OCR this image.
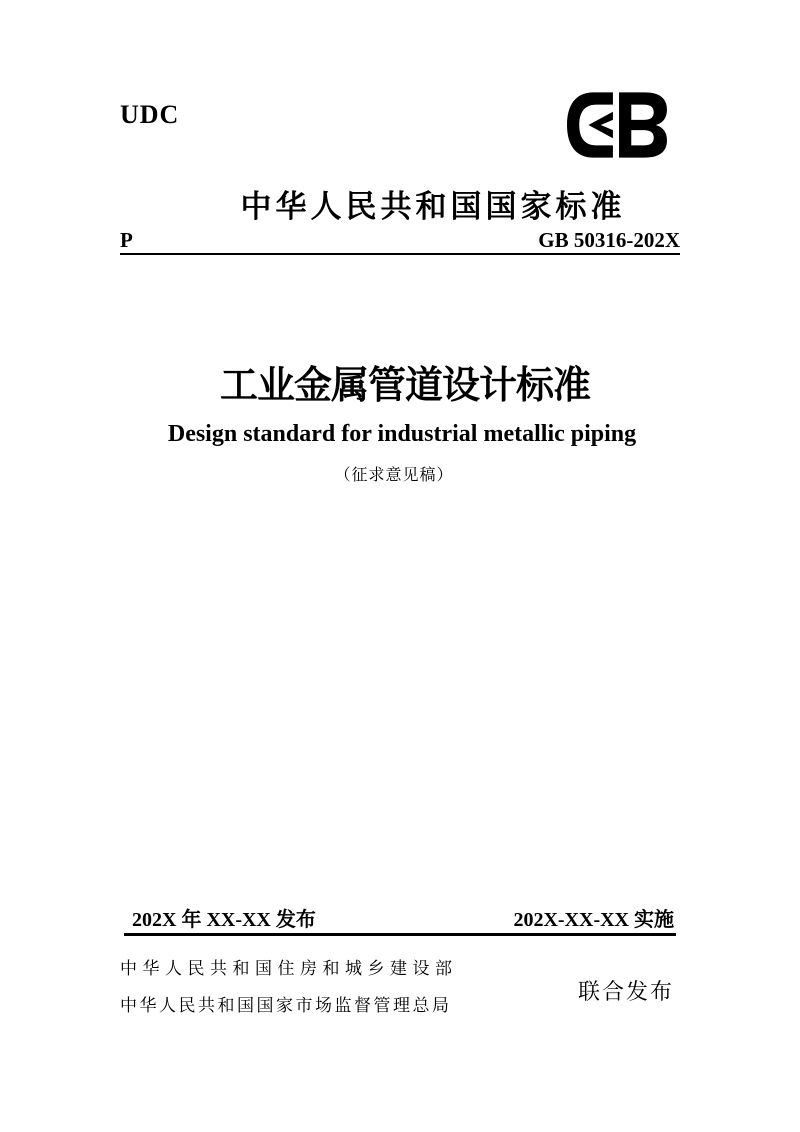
UDC
中华人民共和国国家标准
P	GB 50316-202X
工业金属管道设计标准
Design standard for industrial metallic piping
（征求意见稿）
202X 年 XX-XX 发布	202X-XX-XX 实施
中华人民共和国住房和城乡建设部
中华人民共和国国家市场监督管理总局
联合发布
